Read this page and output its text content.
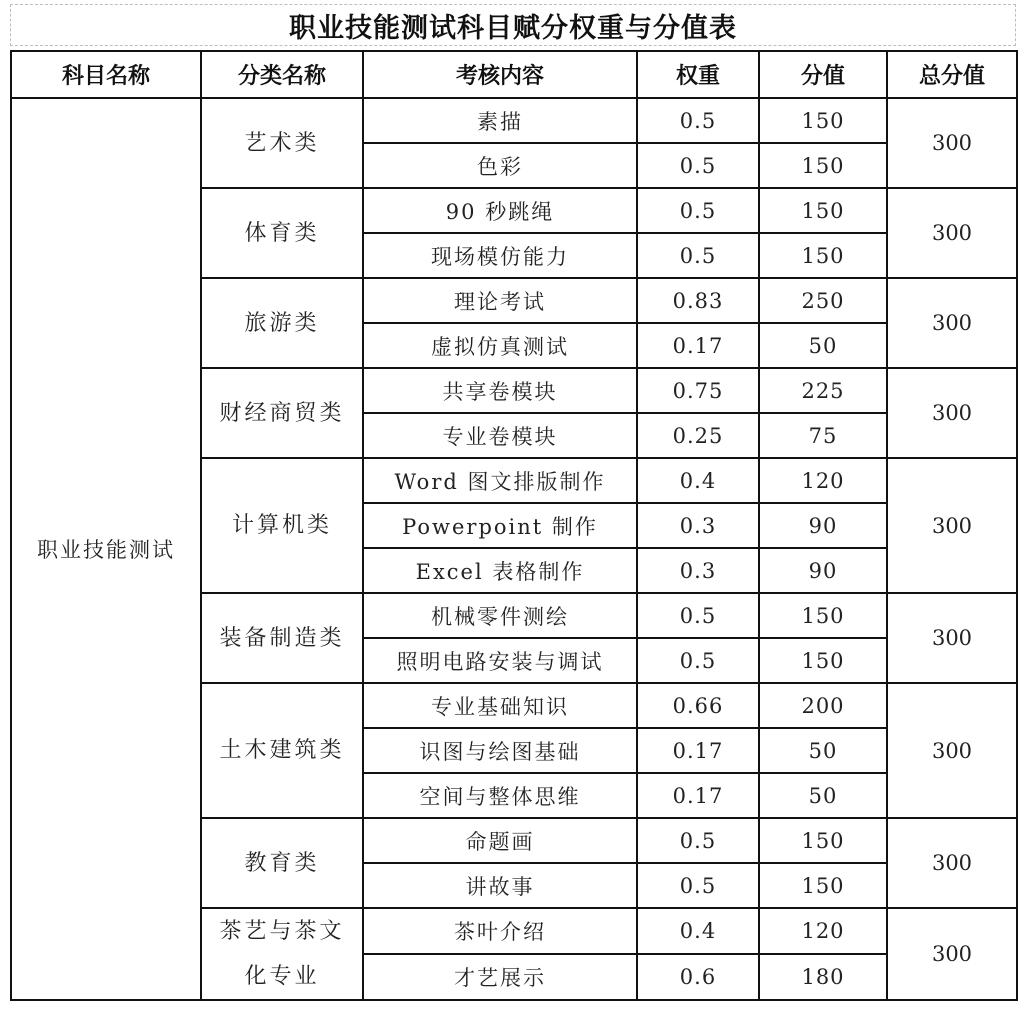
职业技能测试科目赋分权重与分值表
科目名称	分类名称	考核内容	权重	分值	总分值
职业技能测试	艺术类	素描	0.5	150	300
		色彩	0.5	150	
	体育类	90 秒跳绳	0.5	150	300
		现场模仿能力	0.5	150	
	旅游类	理论考试	0.83	250	300
		虚拟仿真测试	0.17	50	
	财经商贸类	共享卷模块	0.75	225	300
		专业卷模块	0.25	75	
	计算机类	Word 图文排版制作	0.4	120	300
		Powerpoint 制作	0.3	90	
		Excel 表格制作	0.3	90	
	装备制造类	机械零件测绘	0.5	150	300
		照明电路安装与调试	0.5	150	
	土木建筑类	专业基础知识	0.66	200	300
		识图与绘图基础	0.17	50	
		空间与整体思维	0.17	50	
	教育类	命题画	0.5	150	300
		讲故事	0.5	150	
	茶艺与茶文化专业	茶叶介绍	0.4	120	300
		才艺展示	0.6	180	
